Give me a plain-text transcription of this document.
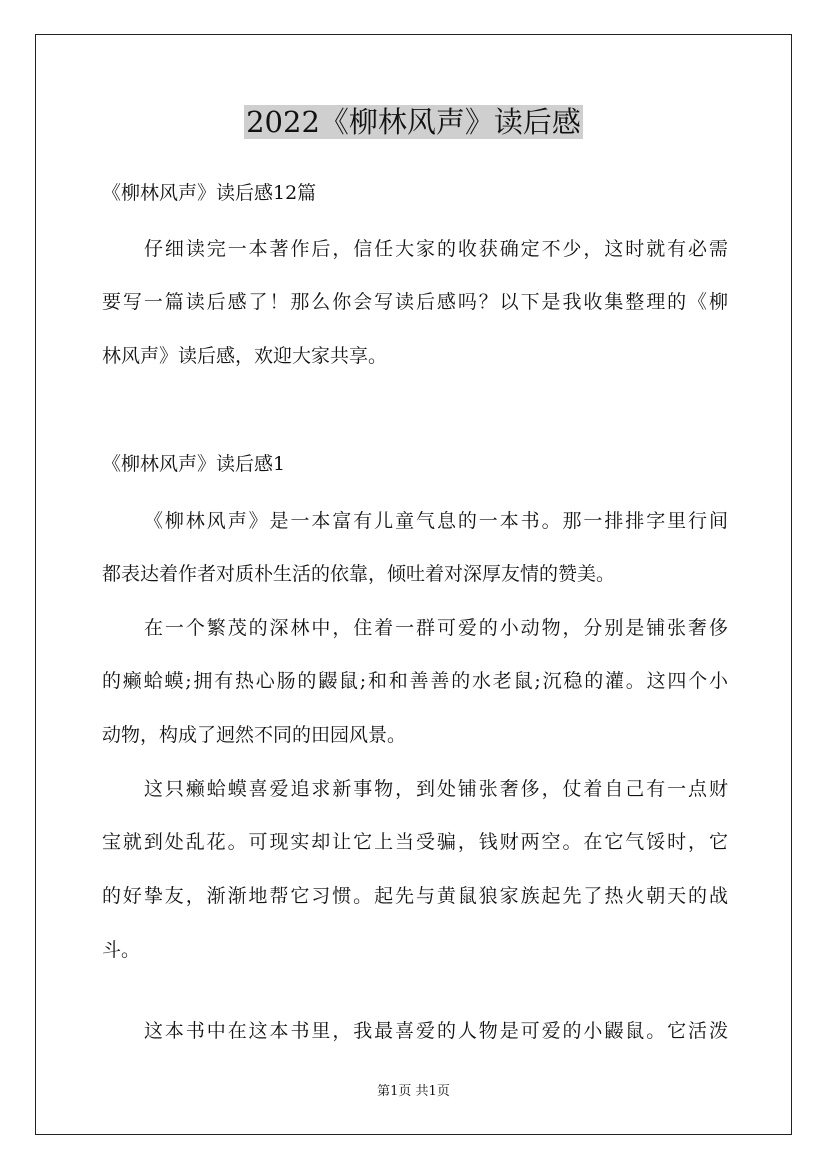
2022《柳林风声》读后感

《柳林风声》读后感12篇

仔细读完一本著作后，信任大家的收获确定不少，这时就有必需

要写一篇读后感了！那么你会写读后感吗？以下是我收集整理的《柳

林风声》读后感，欢迎大家共享。

《柳林风声》读后感1

《柳林风声》是一本富有儿童气息的一本书。那一排排字里行间

都表达着作者对质朴生活的依靠，倾吐着对深厚友情的赞美。

在一个繁茂的深林中，住着一群可爱的小动物，分别是铺张奢侈

的癞蛤蟆;拥有热心肠的鼹鼠;和和善善的水老鼠;沉稳的灌。这四个小

动物，构成了迥然不同的田园风景。

这只癞蛤蟆喜爱追求新事物，到处铺张奢侈，仗着自己有一点财

宝就到处乱花。可现实却让它上当受骗，钱财两空。在它气馁时，它

的好挚友，渐渐地帮它习惯。起先与黄鼠狼家族起先了热火朝天的战

斗。

这本书中在这本书里，我最喜爱的人物是可爱的小鼹鼠。它活泼

第1页 共1页
